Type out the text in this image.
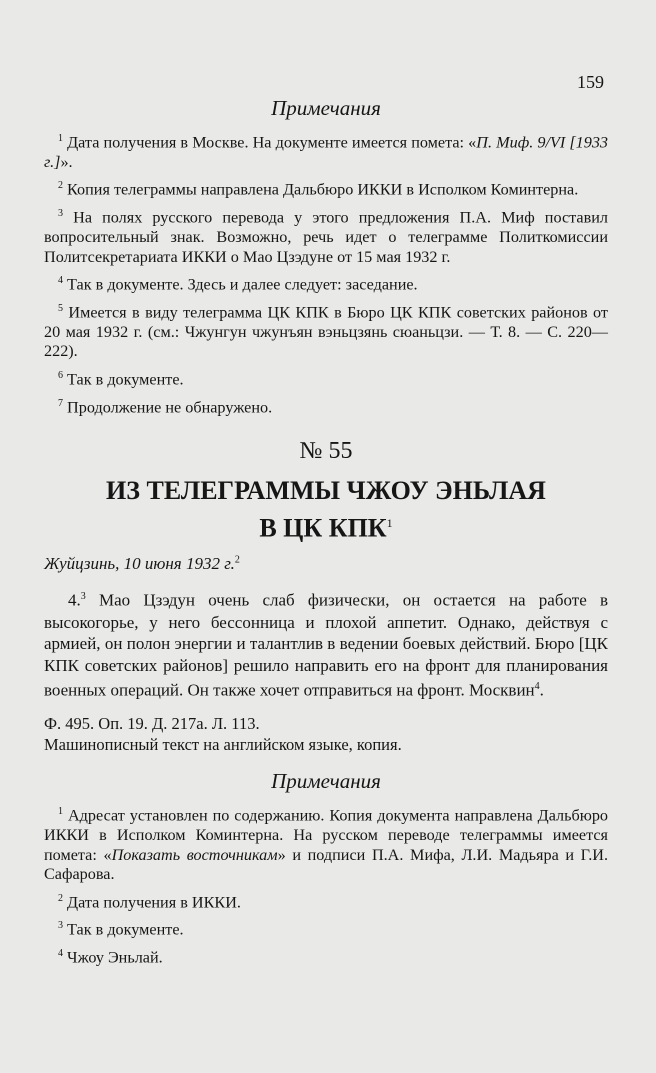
159
Примечания

$^1$ Дата получения в Москве. На документе имеется помета: «П. Миф. 9/VI [1933 г.]».

$^2$ Копия телеграммы направлена Дальбюро ИККИ в Исполком Коминтерна.

$^3$ На полях русского перевода у этого предложения П.А. Миф поставил вопросительный знак. Возможно, речь идет о телеграмме Политкомиссии Политсекретариата ИККИ о Мао Цзэдуне от 15 мая 1932 г.

$^4$ Так в документе. Здесь и далее следует: заседание.

$^5$ Имеется в виду телеграмма ЦК КПК в Бюро ЦК КПК советских районов от 20 мая 1932 г. (см.: Чжунгун чжунъян вэньцзянь сюаньцзи. — Т. 8. — С. 220—222).

$^6$ Так в документе.

$^7$ Продолжение не обнаружено.

№ 55
ИЗ ТЕЛЕГРАММЫ ЧЖОУ ЭНЬЛАЯ
В ЦК КПК$^1$
Жуйцзинь, 10 июня 1932 г.$^2$

4.$^3$ Мао Цзэдун очень слаб физически, он остается на работе в высокогорье, у него бессонница и плохой аппетит. Однако, действуя с армией, он полон энергии и талантлив в ведении боевых действий. Бюро [ЦК КПК советских районов] решило направить его на фронт для планирования военных операций. Он также хочет отправиться на фронт. Москвин$^4$.

Ф. 495. Оп. 19. Д. 217а. Л. 113.

Машинописный текст на английском языке, копия.

Примечания

$^1$ Адресат установлен по содержанию. Копия документа направлена Дальбюро ИККИ в Исполком Коминтерна. На русском переводе телеграммы имеется помета: «Показать восточникам» и подписи П.А. Мифа, Л.И. Мадьяра и Г.И. Сафарова.

$^2$ Дата получения в ИККИ.

$^3$ Так в документе.

$^4$ Чжоу Эньлай.
